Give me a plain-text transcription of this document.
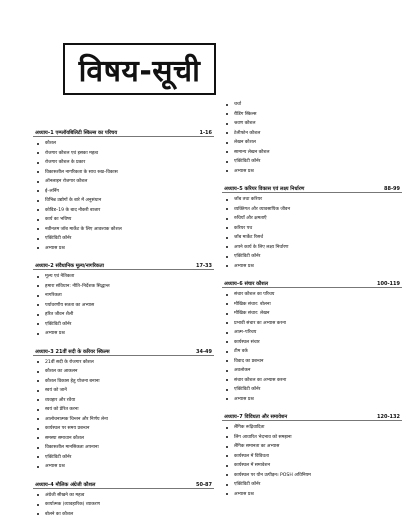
विषय-सूची
अध्याय–1 एम्प्लॉयबिलिटी स्किल्स का परिचय	1-16
कौशल
रोजगार कौशल एवं इसका महत्व
रोजगार कौशल के प्रकार
विकासशील नागरिकता के साथ रुख–विकास
ऑनलाइन रोजगार कौशल
ई–लर्निंग
विभिन्न उद्योगों के बारे में अनुसंधान
कोविड–19 के बाद नौकरी बाजार
कार्य का भविष्य
नवीनतम जॉब मार्केट के लिए आवश्यक कौशल
एक्टिविटी कॉर्नर
अभ्यास प्रश्न
अध्याय–2 संवैधानिक मूल्य/नागरिकता	17-33
मूल्य एवं नैतिकता
हमारा संविधान: नीति–निर्देशक सिद्धान्त
नागरिकता
पर्यावरणीय सतता का अभ्यास
हरित जीवन शैली
एक्टिविटी कॉर्नर
अभ्यास प्रश्न
अध्याय–3 21वीं सदी के करियर स्किल्स	34-49
21वीं सदी के रोजगार कौशल
कौशल का आकलन
कौशल विकास हेतु योजना बनाना
स्वयं को जानें
व्यवहार और रवैया
स्वयं को प्रेरित करना
आलोचनात्मक चिन्तन और निर्णय लेना
कार्यस्थल पर समय प्रबन्धन
समस्या समाधान कौशल
विकासशील मानसिकता अपनाना
एक्टिविटी कॉर्नर
अभ्यास प्रश्न
अध्याय–4 मौलिक अंग्रेजी कौशल	50-87
अंग्रेजी सीखने का महत्व
कार्यात्मक (व्यावहारिक) व्याकरण
बोलने का कौशल
चर्चा
रीडिंग स्किल्स
श्रवण कौशल
टेलीफोन कौशल
लेखन कौशल
सामान्य लेखन कौशल
एक्टिविटी कॉर्नर
अभ्यास प्रश्न
अध्याय–5 करियर विकास एवं लक्ष्य निर्धारण	88-99
जॉब तथा करियर
व्यक्तिगत और व्यावसायिक जीवन
रुचियाँ और क्षमताएँ
करियर पथ
जॉब मार्केट रिसर्च
अपने कार्य के लिए लक्ष्य निर्धारण
एक्टिविटी कॉर्नर
अभ्यास प्रश्न
अध्याय–6 संचार कौशल	100-119
संचार कौशल का परिचय
मौखिक संचार: बोलना
मौखिक संचार: लेखन
प्रभावी संचार का अभ्यास करना
आत्म–परिचय
कार्यस्थल संचार
टीम वर्क
विवाद का प्रबन्धन
अवलोकन
संचार कौशल का अभ्यास करना
एक्टिविटी कॉर्नर
अभ्यास प्रश्न
अध्याय–7 विविधता और समावेशन	120-132
लैंगिक रूढ़िवादिता
लिंग आधारित भेदभाव को समझना
लैंगिक समानता का अभ्यास
कार्यस्थल में विविधता
कार्यस्थल में समावेशन
कार्यस्थल पर यौन उत्पीड़न। POSH अधिनियम
एक्टिविटी कॉर्नर
अभ्यास प्रश्न
